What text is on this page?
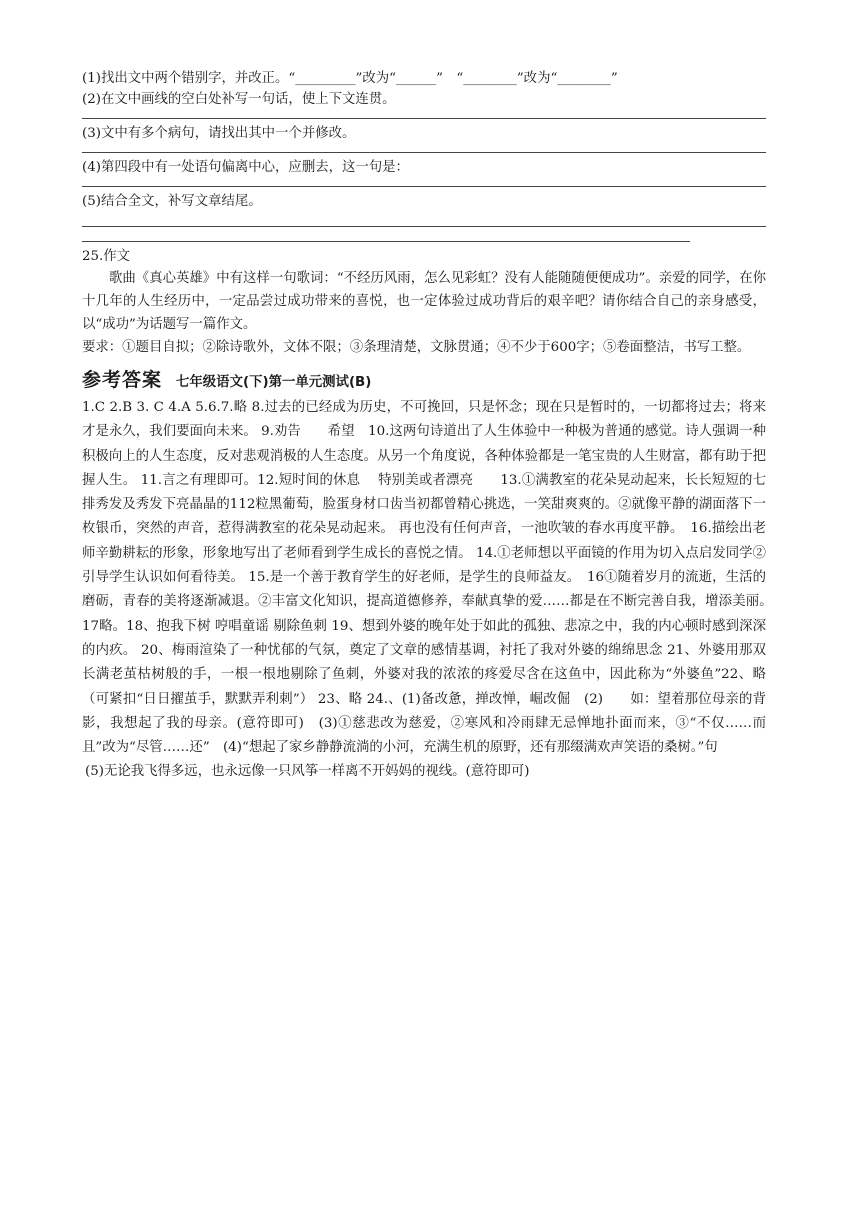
(1)找出文中两个错别字，并改正。“_________”改为“______”　“________”改为“________”
(2)在文中画线的空白处补写一句话，使上下文连贯。
(3)文中有多个病句，请找出其中一个并修改。
(4)第四段中有一处语句偏离中心，应删去，这一句是：
(5)结合全文，补写文章结尾。
25.作文
歌曲《真心英雄》中有这样一句歌词：“不经历风雨，怎么见彩虹？没有人能随随便便成功”。亲爱的同学，在你十几年的人生经历中，一定品尝过成功带来的喜悦，也一定体验过成功背后的艰辛吧？请你结合自己的亲身感受，以“成功”为话题写一篇作文。
要求：①题目自拟；②除诗歌外，文体不限；③条理清楚，文脉贯通；④不少于600字；⑤卷面整洁，书写工整。
参考答案 七年级语文(下)第一单元测试(B)
1.C 2.B 3. C 4.A 5.6.7.略 8.过去的已经成为历史，不可挽回，只是怀念；现在只是暂时的，一切都将过去；将来才是永久，我们要面向未来。 9.劝告　　希望　10.这两句诗道出了人生体验中一种极为普通的感觉。诗人强调一种积极向上的人生态度，反对悲观消极的人生态度。从另一个角度说，各种体验都是一笔宝贵的人生财富，都有助于把握人生。 11.言之有理即可。12.短时间的休息　 特别美或者漂亮　　13.①满教室的花朵晃动起来，长长短短的七排秀发及秀发下亮晶晶的112粒黑葡萄，脸蛋身材口齿当初都曾精心挑选，一笑甜爽爽的。②就像平静的湖面落下一枚银币，突然的声音，惹得满教室的花朵晃动起来。 再也没有任何声音，一池吹皱的春水再度平静。　16.描绘出老师辛勤耕耘的形象，形象地写出了老师看到学生成长的喜悦之情。 14.①老师想以平面镜的作用为切入点启发同学②引导学生认识如何看待美。 15.是一个善于教育学生的好老师，是学生的良师益友。　16①随着岁月的流逝，生活的磨砺，青春的美将逐渐减退。②丰富文化知识，提高道德修养，奉献真挚的爱……都是在不断完善自我，增添美丽。　17略。18、抱我下树 哼唱童谣 剔除鱼刺 19、想到外婆的晚年处于如此的孤独、悲凉之中，我的内心顿时感到深深的内疚。 20、梅雨渲染了一种忧郁的气氛，奠定了文章的感情基调，衬托了我对外婆的绵绵思念 21、外婆用那双长满老茧枯树般的手，一根一根地剔除了鱼刺，外婆对我的浓浓的疼爱尽含在这鱼中，因此称为“外婆鱼”22、略（可紧扣“日日擢茧手，默默弄利刺”） 23、略 24.、(1)备改惫，掸改惮，崛改倔　(2)　　如：望着那位母亲的背影，我想起了我的母亲。(意符即可)　(3)①慈悲改为慈爱，②寒风和冷雨肆无忌惮地扑面而来，③“不仅……而且”改为“尽管……还”　(4)“想起了家乡静静流淌的小河，充满生机的原野，还有那缀满欢声笑语的桑树。”句
(5)无论我飞得多远，也永远像一只风筝一样离不开妈妈的视线。(意符即可)
